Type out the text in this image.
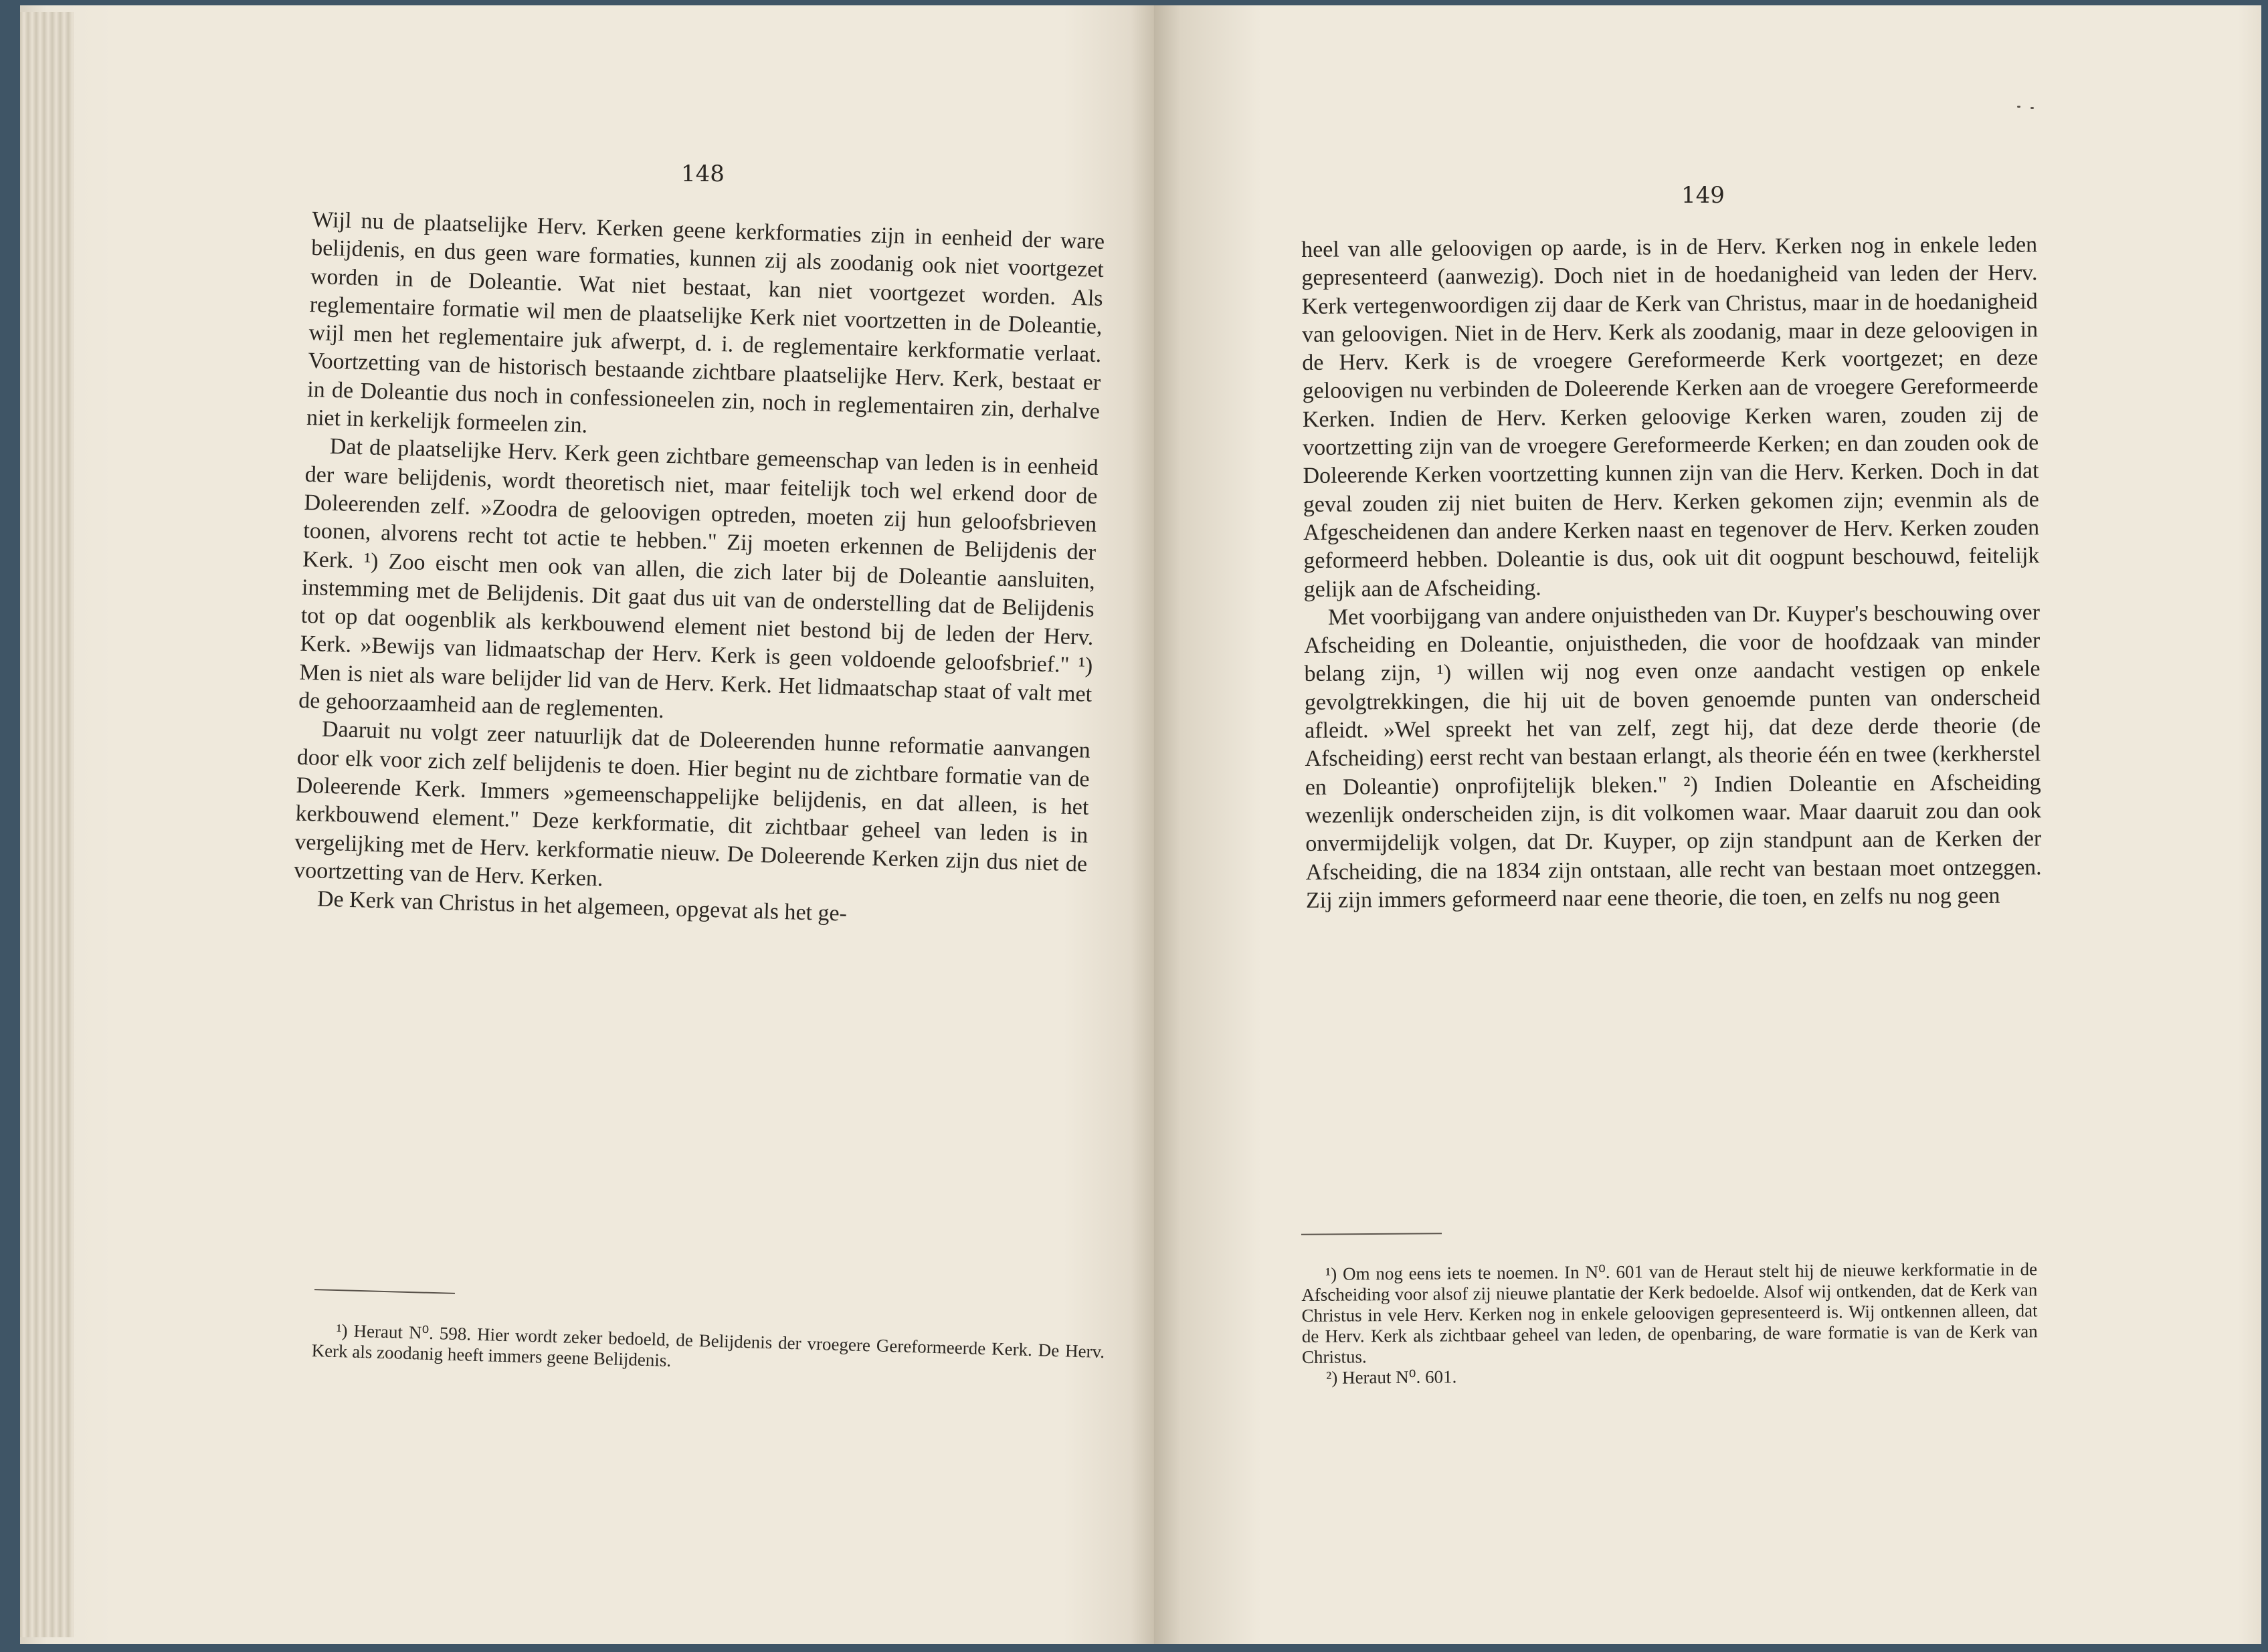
148

Wijl nu de plaatselijke Herv. Kerken geene kerkformaties zijn in eenheid der ware belijdenis, en dus geen ware formaties, kunnen zij als zoodanig ook niet voortgezet worden in de Doleantie. Wat niet bestaat, kan niet voortgezet worden. Als reglementaire formatie wil men de plaatselijke Kerk niet voortzetten in de Doleantie, wijl men het reglementaire juk afwerpt, d. i. de reglementaire kerkformatie verlaat. Voortzetting van de historisch bestaande zichtbare plaatselijke Herv. Kerk, bestaat er in de Doleantie dus noch in confessioneelen zin, noch in reglementairen zin, derhalve niet in kerkelijk formeelen zin.

Dat de plaatselijke Herv. Kerk geen zichtbare gemeenschap van leden is in eenheid der ware belijdenis, wordt theoretisch niet, maar feitelijk toch wel erkend door de Doleerenden zelf. »Zoodra de geloovigen optreden, moeten zij hun geloofsbrieven toonen, alvorens recht tot actie te hebben." Zij moeten erkennen de Belijdenis der Kerk. ¹) Zoo eischt men ook van allen, die zich later bij de Doleantie aansluiten, instemming met de Belijdenis. Dit gaat dus uit van de onderstelling dat de Belijdenis tot op dat oogenblik als kerkbouwend element niet bestond bij de leden der Herv. Kerk. »Bewijs van lidmaatschap der Herv. Kerk is geen voldoende geloofsbrief." ¹) Men is niet als ware belijder lid van de Herv. Kerk. Het lidmaatschap staat of valt met de gehoorzaamheid aan de reglementen.

Daaruit nu volgt zeer natuurlijk dat de Doleerenden hunne reformatie aanvangen door elk voor zich zelf belijdenis te doen. Hier begint nu de zichtbare formatie van de Doleerende Kerk. Immers »gemeenschappelijke belijdenis, en dat alleen, is het kerkbouwend element." Deze kerkformatie, dit zichtbaar geheel van leden is in vergelijking met de Herv. kerkformatie nieuw. De Doleerende Kerken zijn dus niet de voortzetting van de Herv. Kerken.

De Kerk van Christus in het algemeen, opgevat als het ge-

¹) Heraut N⁰. 598. Hier wordt zeker bedoeld, de Belijdenis der vroegere Gereformeerde Kerk. De Herv. Kerk als zoodanig heeft immers geene Belijdenis.

149

heel van alle geloovigen op aarde, is in de Herv. Kerken nog in enkele leden gepresenteerd (aanwezig). Doch niet in de hoedanigheid van leden der Herv. Kerk vertegenwoordigen zij daar de Kerk van Christus, maar in de hoedanigheid van geloovigen. Niet in de Herv. Kerk als zoodanig, maar in deze geloovigen in de Herv. Kerk is de vroegere Gereformeerde Kerk voortgezet; en deze geloovigen nu verbinden de Doleerende Kerken aan de vroegere Gereformeerde Kerken. Indien de Herv. Kerken geloovige Kerken waren, zouden zij de voortzetting zijn van de vroegere Gereformeerde Kerken; en dan zouden ook de Doleerende Kerken voortzetting kunnen zijn van die Herv. Kerken. Doch in dat geval zouden zij niet buiten de Herv. Kerken gekomen zijn; evenmin als de Afgescheidenen dan andere Kerken naast en tegenover de Herv. Kerken zouden geformeerd hebben. Doleantie is dus, ook uit dit oogpunt beschouwd, feitelijk gelijk aan de Afscheiding.

Met voorbijgang van andere onjuistheden van Dr. Kuyper's beschouwing over Afscheiding en Doleantie, onjuistheden, die voor de hoofdzaak van minder belang zijn, ¹) willen wij nog even onze aandacht vestigen op enkele gevolgtrekkingen, die hij uit de boven genoemde punten van onderscheid afleidt. »Wel spreekt het van zelf, zegt hij, dat deze derde theorie (de Afscheiding) eerst recht van bestaan erlangt, als theorie één en twee (kerkherstel en Doleantie) onprofijtelijk bleken." ²) Indien Doleantie en Afscheiding wezenlijk onderscheiden zijn, is dit volkomen waar. Maar daaruit zou dan ook onvermijdelijk volgen, dat Dr. Kuyper, op zijn standpunt aan de Kerken der Afscheiding, die na 1834 zijn ontstaan, alle recht van bestaan moet ontzeggen. Zij zijn immers geformeerd naar eene theorie, die toen, en zelfs nu nog geen

¹) Om nog eens iets te noemen. In N⁰. 601 van de Heraut stelt hij de nieuwe kerkformatie in de Afscheiding voor alsof zij nieuwe plantatie der Kerk bedoelde. Alsof wij ontkenden, dat de Kerk van Christus in vele Herv. Kerken nog in enkele geloovigen gepresenteerd is. Wij ontkennen alleen, dat de Herv. Kerk als zichtbaar geheel van leden, de openbaring, de ware formatie is van de Kerk van Christus.

²) Heraut N⁰. 601.
